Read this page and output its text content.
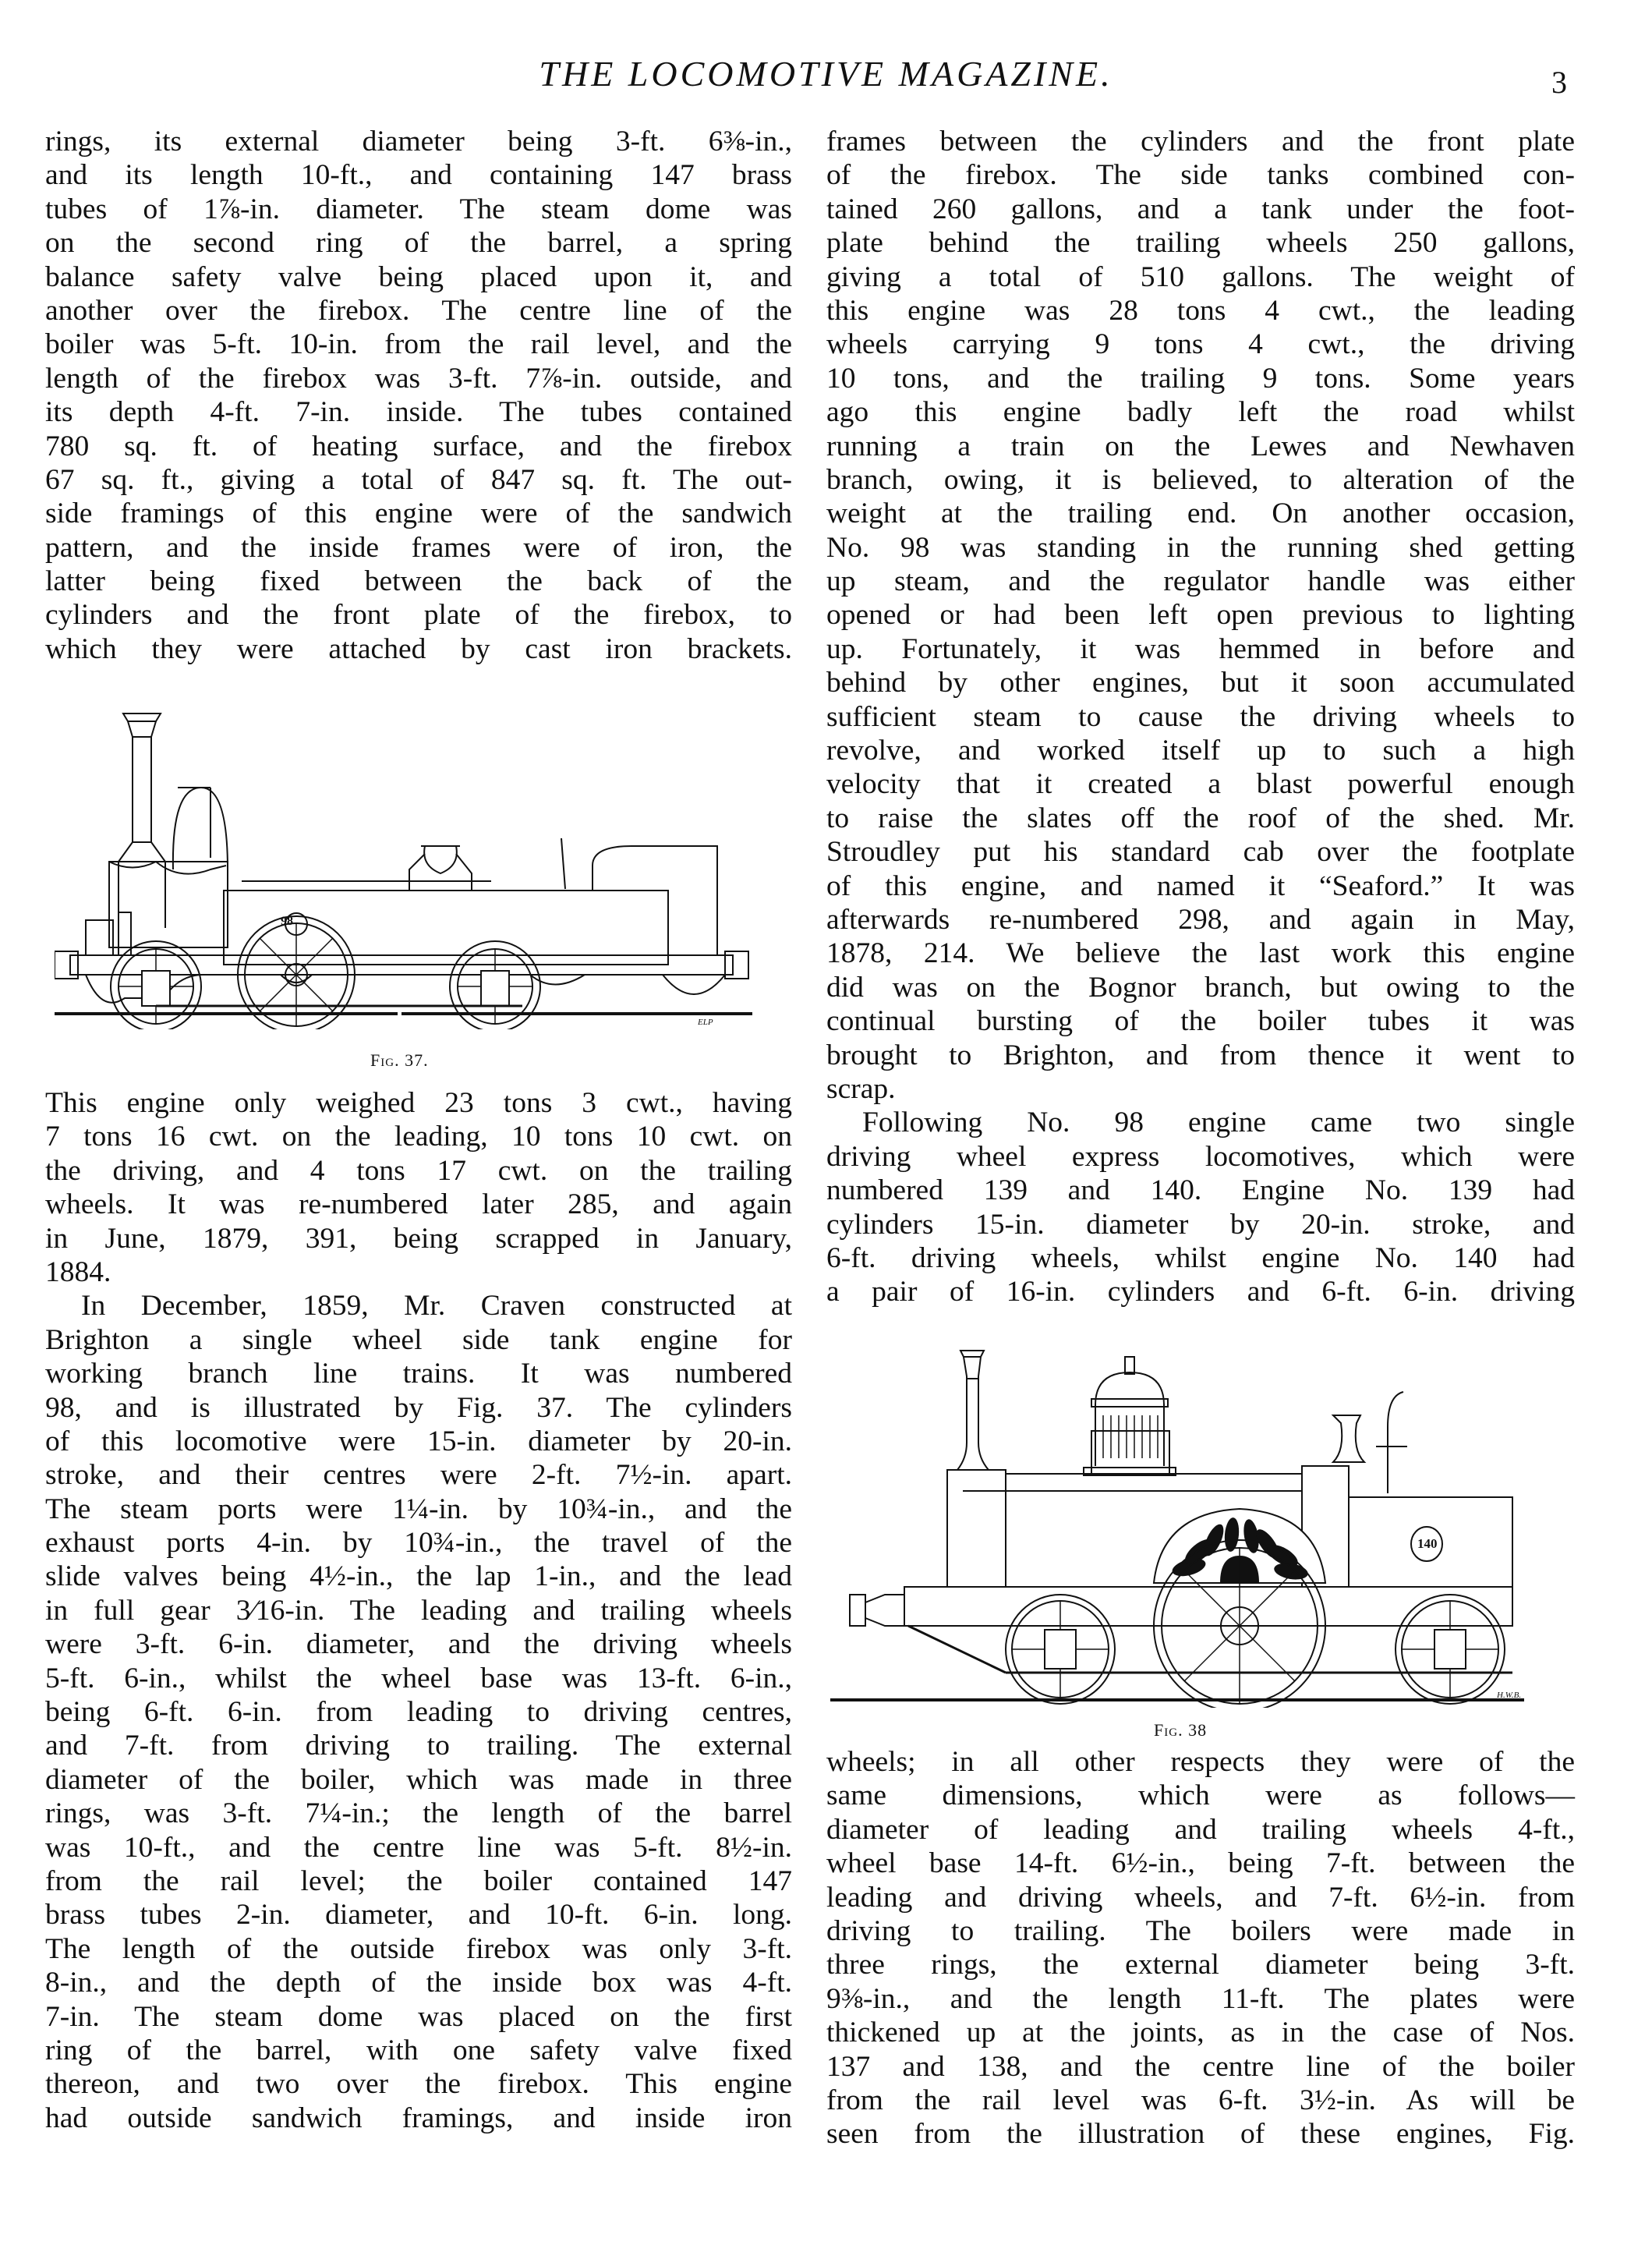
THE LOCOMOTIVE MAGAZINE.	3
rings, its external diameter being 3-ft. 6⅜-in.,
and its length 10-ft., and containing 147 brass
tubes of 1⅞-in. diameter. The steam dome was
on the second ring of the barrel, a spring
balance safety valve being placed upon it, and
another over the firebox. The centre line of the
boiler was 5-ft. 10-in. from the rail level, and the
length of the firebox was 3-ft. 7⅞-in. outside, and
its depth 4-ft. 7-in. inside. The tubes contained
780 sq. ft. of heating surface, and the firebox
67 sq. ft., giving a total of 847 sq. ft. The out-
side framings of this engine were of the sandwich
pattern, and the inside frames were of iron, the
latter being fixed between the back of the
cylinders and the front plate of the firebox, to
which they were attached by cast iron brackets.
98
ELP
Fig. 37.
This engine only weighed 23 tons 3 cwt., having
7 tons 16 cwt. on the leading, 10 tons 10 cwt. on
the driving, and 4 tons 17 cwt. on the trailing
wheels. It was re-numbered later 285, and again
in June, 1879, 391, being scrapped in January,
1884.
In December, 1859, Mr. Craven constructed at
Brighton a single wheel side tank engine for
working branch line trains. It was numbered
98, and is illustrated by Fig. 37. The cylinders
of this locomotive were 15-in. diameter by 20-in.
stroke, and their centres were 2-ft. 7½-in. apart.
The steam ports were 1¼-in. by 10¾-in., and the
exhaust ports 4-in. by 10¾-in., the travel of the
slide valves being 4½-in., the lap 1-in., and the lead
in full gear 3⁄16-in. The leading and trailing wheels
were 3-ft. 6-in. diameter, and the driving wheels
5-ft. 6-in., whilst the wheel base was 13-ft. 6-in.,
being 6-ft. 6-in. from leading to driving centres,
and 7-ft. from driving to trailing. The external
diameter of the boiler, which was made in three
rings, was 3-ft. 7¼-in.; the length of the barrel
was 10-ft., and the centre line was 5-ft. 8½-in.
from the rail level; the boiler contained 147
brass tubes 2-in. diameter, and 10-ft. 6-in. long.
The length of the outside firebox was only 3-ft.
8-in., and the depth of the inside box was 4-ft.
7-in. The steam dome was placed on the first
ring of the barrel, with one safety valve fixed
thereon, and two over the firebox. This engine
had outside sandwich framings, and inside iron
frames between the cylinders and the front plate
of the firebox. The side tanks combined con-
tained 260 gallons, and a tank under the foot-
plate behind the trailing wheels 250 gallons,
giving a total of 510 gallons. The weight of
this engine was 28 tons 4 cwt., the leading
wheels carrying 9 tons 4 cwt., the driving
10 tons, and the trailing 9 tons. Some years
ago this engine badly left the road whilst
running a train on the Lewes and Newhaven
branch, owing, it is believed, to alteration of the
weight at the trailing end. On another occasion,
No. 98 was standing in the running shed getting
up steam, and the regulator handle was either
opened or had been left open previous to lighting
up. Fortunately, it was hemmed in before and
behind by other engines, but it soon accumulated
sufficient steam to cause the driving wheels to
revolve, and worked itself up to such a high
velocity that it created a blast powerful enough
to raise the slates off the roof of the shed. Mr.
Stroudley put his standard cab over the footplate
of this engine, and named it “Seaford.” It was
afterwards re-numbered 298, and again in May,
1878, 214. We believe the last work this engine
did was on the Bognor branch, but owing to the
continual bursting of the boiler tubes it was
brought to Brighton, and from thence it went to
scrap.
Following No. 98 engine came two single
driving wheel express locomotives, which were
numbered 139 and 140. Engine No. 139 had
cylinders 15-in. diameter by 20-in. stroke, and
6-ft. driving wheels, whilst engine No. 140 had
a pair of 16-in. cylinders and 6-ft. 6-in. driving
140
H.W.B.
Fig. 38
wheels; in all other respects they were of the
same dimensions, which were as follows—
diameter of leading and trailing wheels 4-ft.,
wheel base 14-ft. 6½-in., being 7-ft. between the
leading and driving wheels, and 7-ft. 6½-in. from
driving to trailing. The boilers were made in
three rings, the external diameter being 3-ft.
9⅜-in., and the length 11-ft. The plates were
thickened up at the joints, as in the case of Nos.
137 and 138, and the centre line of the boiler
from the rail level was 6-ft. 3½-in. As will be
seen from the illustration of these engines, Fig.
